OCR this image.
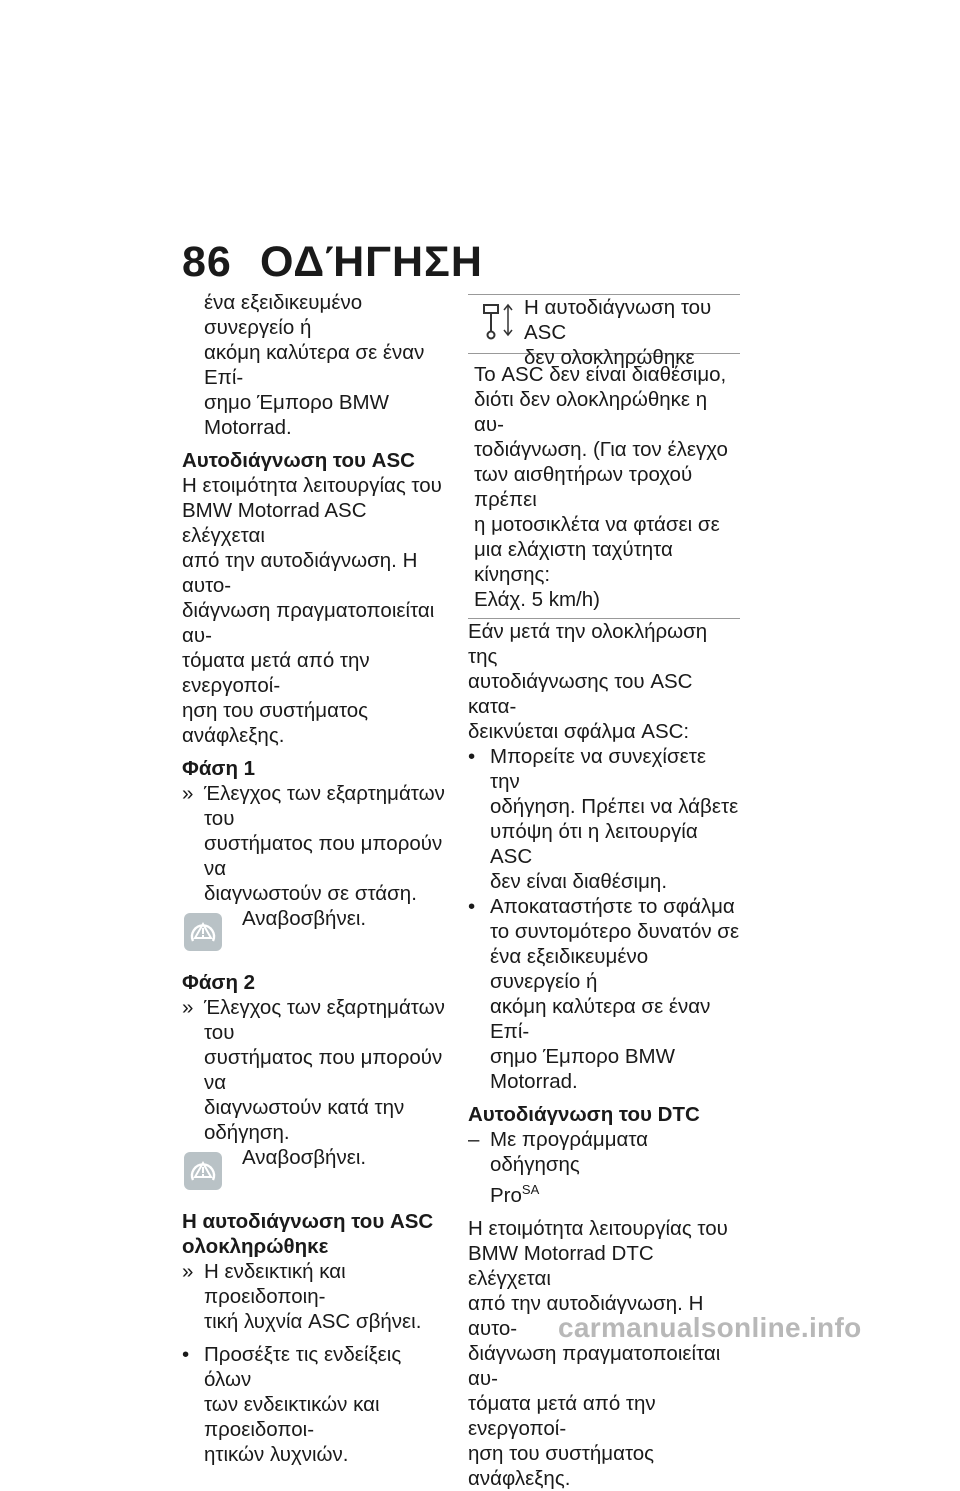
86 ΟΔΉΓΗΣΗ

ένα εξειδικευμένο συνεργείο ή

ακόμη καλύτερα σε έναν Επί-

σημο Έμπορο BMW Motorrad.

Αυτοδιάγνωση του ASC

Η ετοιμότητα λειτουργίας του

BMW Motorrad ASC ελέγχεται

από την αυτοδιάγνωση. Η αυτο-

διάγνωση πραγματοποιείται αυ-

τόματα μετά από την ενεργοποί-

ηση του συστήματος ανάφλεξης.

Φάση 1

» Έλεγχος των εξαρτημάτων του

συστήματος που μπορούν να

διαγνωστούν σε στάση.

Αναβοσβήνει.

Φάση 2

» Έλεγχος των εξαρτημάτων του

συστήματος που μπορούν να

διαγνωστούν κατά την οδήγηση.

Αναβοσβήνει.

Η αυτοδιάγνωση του ASC

ολοκληρώθηκε

» Η ενδεικτική και προειδοποιη-

τική λυχνία ASC σβήνει.

• Προσέξτε τις ενδείξεις όλων

των ενδεικτικών και προειδοποι-

ητικών λυχνιών.

Η αυτοδιάγνωση του ASC

δεν ολοκληρώθηκε

Το ASC δεν είναι διαθέσιμο,

διότι δεν ολοκληρώθηκε η αυ-

τοδιάγνωση. (Για τον έλεγχο

των αισθητήρων τροχού πρέπει

η μοτοσικλέτα να φτάσει σε

μια ελάχιστη ταχύτητα κίνησης:

Ελάχ. 5 km/h)

Εάν μετά την ολοκλήρωση της

αυτοδιάγνωσης του ASC κατα-

δεικνύεται σφάλμα ASC:

• Μπορείτε να συνεχίσετε την

οδήγηση. Πρέπει να λάβετε

υπόψη ότι η λειτουργία ASC

δεν είναι διαθέσιμη.

• Αποκαταστήστε το σφάλμα

το συντομότερο δυνατόν σε

ένα εξειδικευμένο συνεργείο ή

ακόμη καλύτερα σε έναν Επί-

σημο Έμπορο BMW Motorrad.

Αυτοδιάγνωση του DTC

– Με προγράμματα οδήγησης

Pro$^{SA}$

Η ετοιμότητα λειτουργίας του

BMW Motorrad DTC ελέγχεται

από την αυτοδιάγνωση. Η αυτο-

διάγνωση πραγματοποιείται αυ-

τόματα μετά από την ενεργοποί-

ηση του συστήματος ανάφλεξης.

carmanualsonline.info
